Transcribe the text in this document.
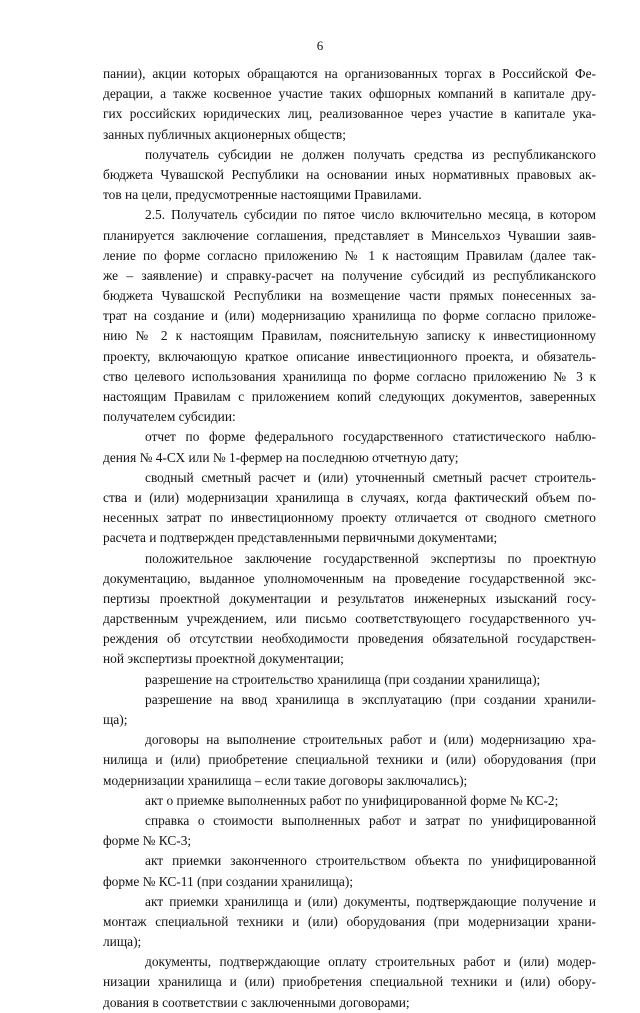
6
пании), акции которых обращаются на организованных торгах в Российской Фе-
дерации, а также косвенное участие таких офшорных компаний в капитале дру-
гих российских юридических лиц, реализованное через участие в капитале ука-
занных публичных акционерных обществ;
получатель субсидии не должен получать средства из республиканского
бюджета Чувашской Республики на основании иных нормативных правовых ак-
тов на цели, предусмотренные настоящими Правилами.
2.5. Получатель субсидии по пятое число включительно месяца, в котором
планируется заключение соглашения, представляет в Минсельхоз Чувашии заяв-
ление по форме согласно приложению № 1 к настоящим Правилам (далее так-
же – заявление) и справку-расчет на получение субсидий из республиканского
бюджета Чувашской Республики на возмещение части прямых понесенных за-
трат на создание и (или) модернизацию хранилища по форме согласно приложе-
нию № 2 к настоящим Правилам, пояснительную записку к инвестиционному
проекту, включающую краткое описание инвестиционного проекта, и обязатель-
ство целевого использования хранилища по форме согласно приложению № 3 к
настоящим Правилам с приложением копий следующих документов, заверенных
получателем субсидии:
отчет по форме федерального государственного статистического наблю-
дения № 4-СХ или № 1-фермер на последнюю отчетную дату;
сводный сметный расчет и (или) уточненный сметный расчет строитель-
ства и (или) модернизации хранилища в случаях, когда фактический объем по-
несенных затрат по инвестиционному проекту отличается от сводного сметного
расчета и подтвержден представленными первичными документами;
положительное заключение государственной экспертизы по проектную
документацию, выданное уполномоченным на проведение государственной экс-
пертизы проектной документации и результатов инженерных изысканий госу-
дарственным учреждением, или письмо соответствующего государственного уч-
реждения об отсутствии необходимости проведения обязательной государствен-
ной экспертизы проектной документации;
разрешение на строительство хранилища (при создании хранилища);
разрешение на ввод хранилища в эксплуатацию (при создании хранили-
ща);
договоры на выполнение строительных работ и (или) модернизацию хра-
нилища и (или) приобретение специальной техники и (или) оборудования (при
модернизации хранилища – если такие договоры заключались);
акт о приемке выполненных работ по унифицированной форме № КС-2;
справка о стоимости выполненных работ и затрат по унифицированной
форме № КС-3;
акт приемки законченного строительством объекта по унифицированной
форме № КС-11 (при создании хранилища);
акт приемки хранилища и (или) документы, подтверждающие получение и
монтаж специальной техники и (или) оборудования (при модернизации храни-
лища);
документы, подтверждающие оплату строительных работ и (или) модер-
низации хранилища и (или) приобретения специальной техники и (или) обору-
дования в соответствии с заключенными договорами;
